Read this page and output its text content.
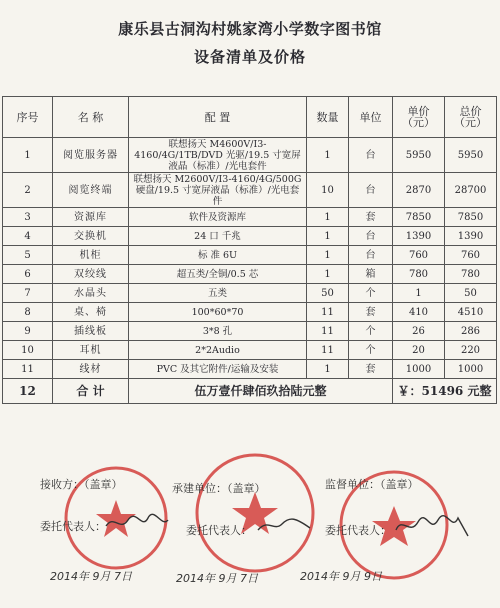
康乐县古洞沟村姚家湾小学数字图书馆
设备清单及价格
序号	名 称	配 置	数量	单位	单价（元）	总价（元）
1	阅览服务器	联想扬天 M4600V/I3-4160/4G/1TB/DVD 光驱/19.5 寸宽屏液晶（标准）/光电套件	1	台	5950	5950
2	阅览终端	联想扬天 M2600V/I3-4160/4G/500G 硬盘/19.5 寸宽屏液晶（标准）/光电套件	10	台	2870	28700
3	资源库	软件及资源库	1	套	7850	7850
4	交换机	24 口 千兆	1	台	1390	1390
5	机柜	标 准 6U	1	台	760	760
6	双绞线	超五类/全铜/0.5 芯	1	箱	780	780
7	水晶头	五类	50	个	1	50
8	桌、椅	100*60*70	11	套	410	4510
9	插线板	3*8 孔	11	个	26	286
10	耳机	2*2Audio	11	个	20	220
11	线材	PVC 及其它附件/运输及安装	1	套	1000	1000
12	合 计	伍万壹仟肆佰玖拾陆元整			￥：51496 元整	
接收方：（盖章）
委托代表人：
承建单位：（盖章）
委托代表人：
监督单位：（盖章）
委托代表人：
2014年 9月 7日	2014年 9月 7日	2014年 9月 9日
